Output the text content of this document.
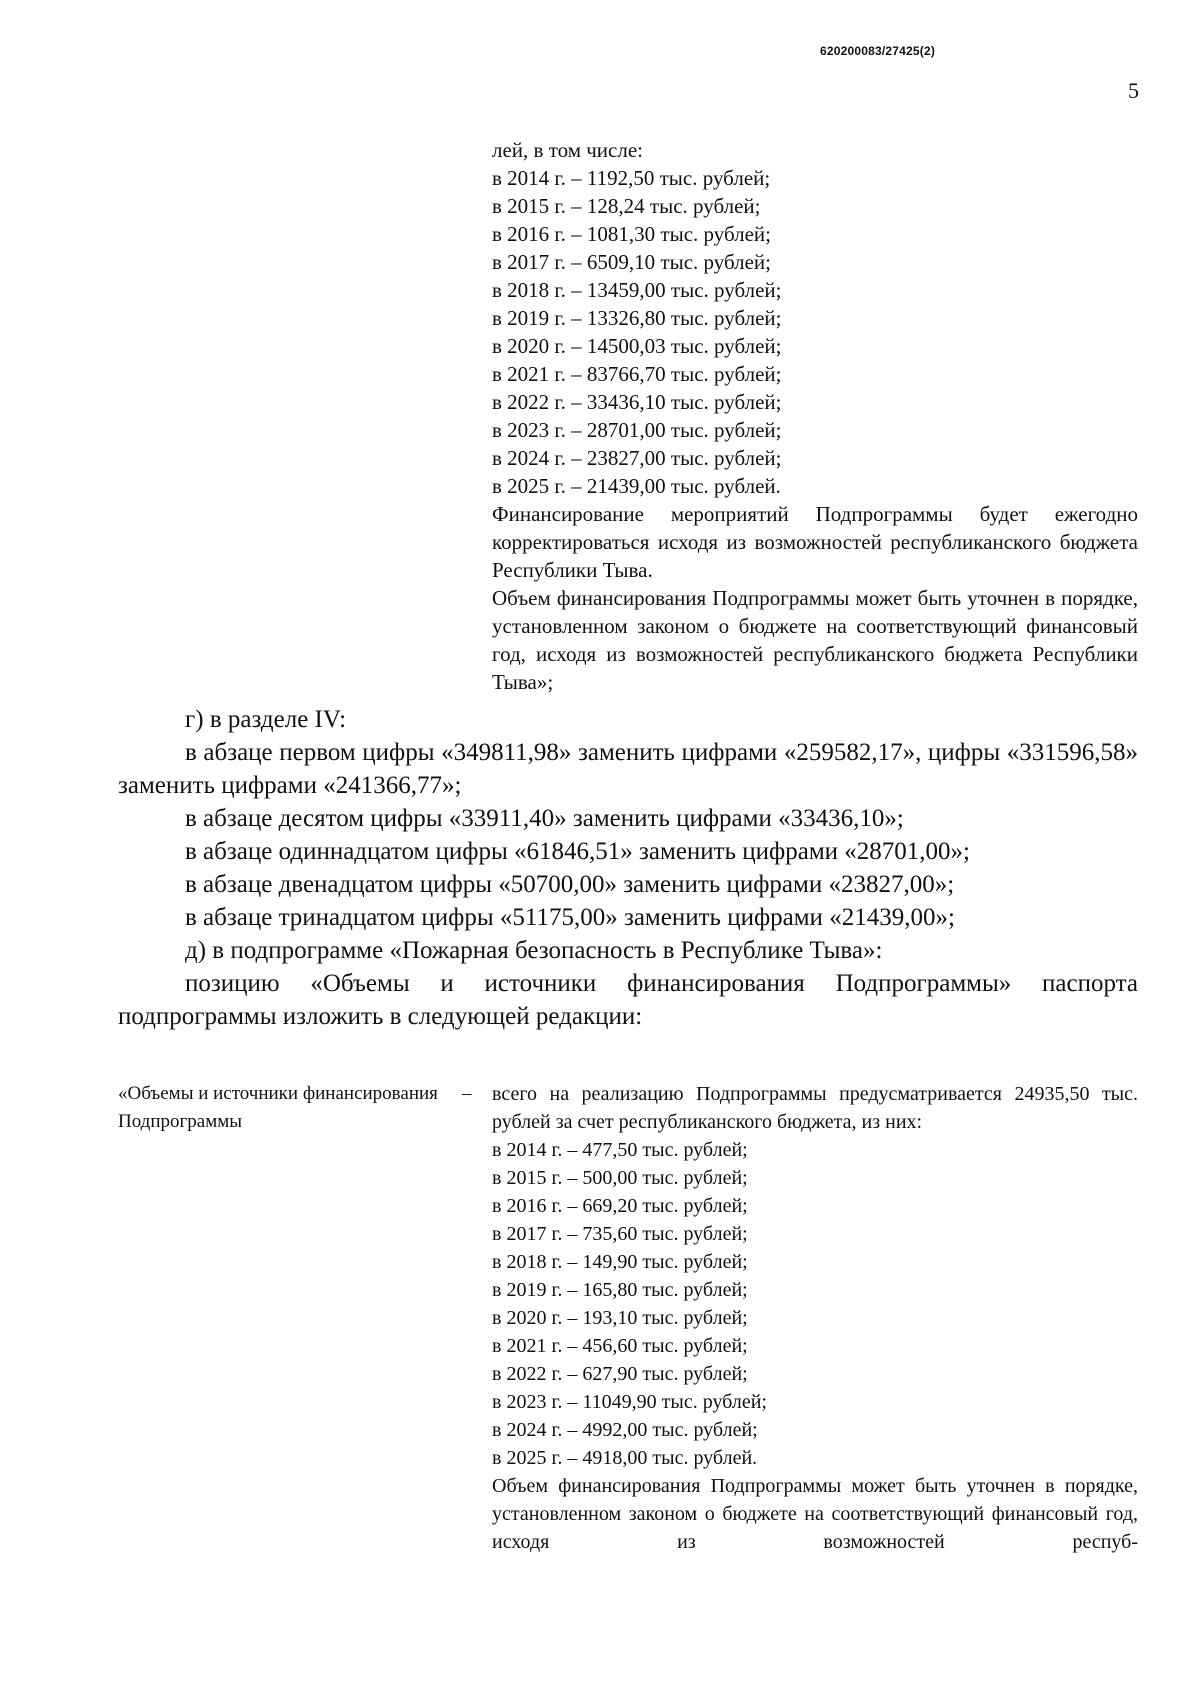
620200083/27425(2)
5
лей, в том числе:
в 2014 г. – 1192,50 тыс. рублей;
в 2015 г. – 128,24 тыс. рублей;
в 2016 г. – 1081,30 тыс. рублей;
в 2017 г. – 6509,10 тыс. рублей;
в 2018 г. – 13459,00 тыс. рублей;
в 2019 г. – 13326,80 тыс. рублей;
в 2020 г. – 14500,03 тыс. рублей;
в 2021 г. – 83766,70 тыс. рублей;
в 2022 г. – 33436,10 тыс. рублей;
в 2023 г. – 28701,00 тыс. рублей;
в 2024 г. – 23827,00 тыс. рублей;
в 2025 г. – 21439,00 тыс. рублей.
Финансирование мероприятий Подпрограммы будет ежегодно корректироваться исходя из возможностей республиканского бюджета Республики Тыва.
Объем финансирования Подпрограммы может быть уточнен в порядке, установленном законом о бюджете на соответствующий финансовый год, исходя из возможностей республиканского бюджета Республики Тыва»;
г) в разделе IV:
в абзаце первом цифры «349811,98» заменить цифрами «259582,17», цифры «331596,58» заменить цифрами «241366,77»;
в абзаце десятом цифры «33911,40» заменить цифрами «33436,10»;
в абзаце одиннадцатом цифры «61846,51» заменить цифрами «28701,00»;
в абзаце двенадцатом цифры «50700,00» заменить цифрами «23827,00»;
в абзаце тринадцатом цифры «51175,00» заменить цифрами «21439,00»;
д) в подпрограмме «Пожарная безопасность в Республике Тыва»:
позицию «Объемы и источники финансирования Подпрограммы» паспорта подпрограммы изложить в следующей редакции:
«Объемы и источники финансирования Подпрограммы
– всего на реализацию Подпрограммы предусматривается 24935,50 тыс. рублей за счет республиканского бюджета, из них:
в 2014 г. – 477,50 тыс. рублей;
в 2015 г. – 500,00 тыс. рублей;
в 2016 г. – 669,20 тыс. рублей;
в 2017 г. – 735,60 тыс. рублей;
в 2018 г. – 149,90 тыс. рублей;
в 2019 г. – 165,80 тыс. рублей;
в 2020 г. – 193,10 тыс. рублей;
в 2021 г. – 456,60 тыс. рублей;
в 2022 г. – 627,90 тыс. рублей;
в 2023 г. – 11049,90 тыс. рублей;
в 2024 г. – 4992,00 тыс. рублей;
в 2025 г. – 4918,00 тыс. рублей.
Объем финансирования Подпрограммы может быть уточнен в порядке, установленном законом о бюджете на соответствующий финансовый год, исходя из возможностей респуб-
